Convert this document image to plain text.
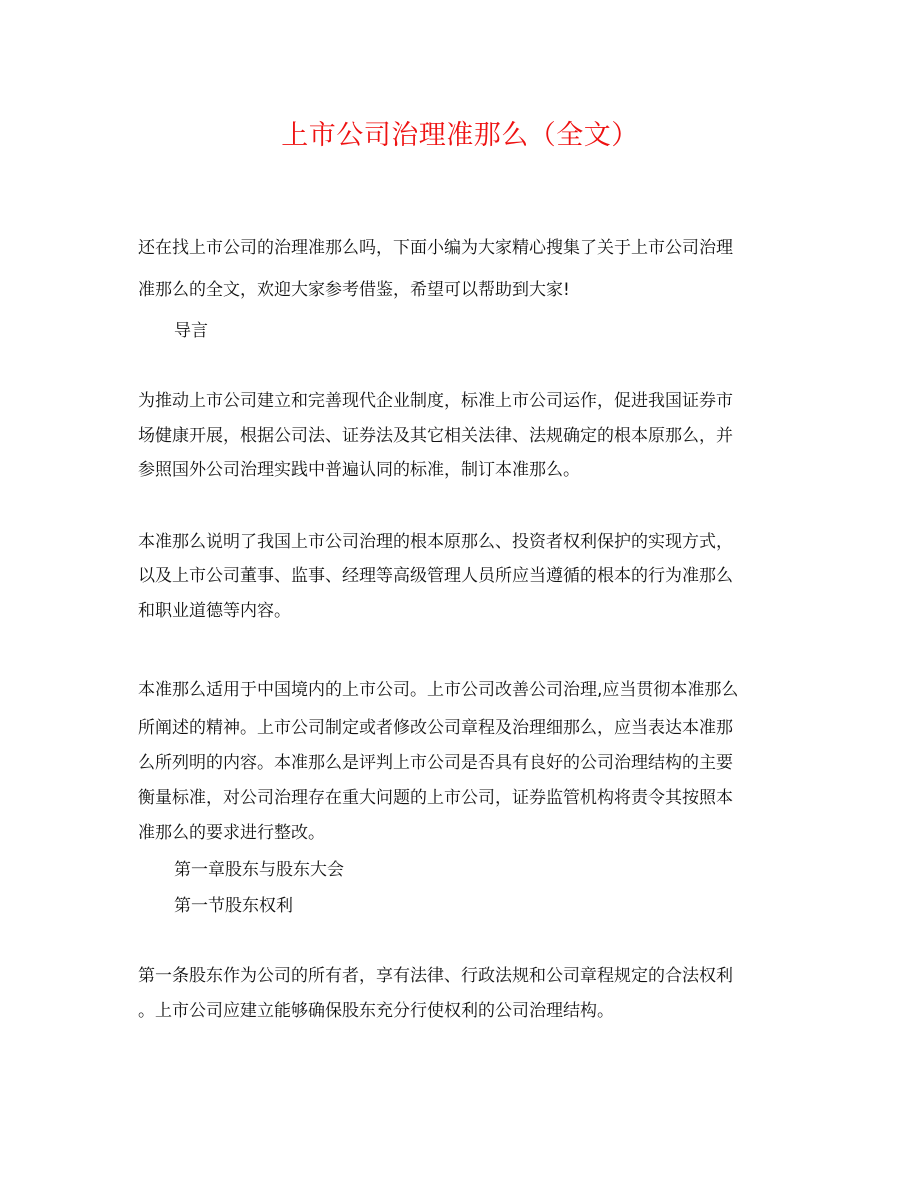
上市公司治理准那么（全文）

还在找上市公司的治理准那么吗，下面小编为大家精心搜集了关于上市公司治理

准那么的全文，欢迎大家参考借鉴，希望可以帮助到大家!

导言

为推动上市公司建立和完善现代企业制度，标准上市公司运作，促进我国证券市

场健康开展，根据公司法、证券法及其它相关法律、法规确定的根本原那么，并

参照国外公司治理实践中普遍认同的标准，制订本准那么。

本准那么说明了我国上市公司治理的根本原那么、投资者权利保护的实现方式，

以及上市公司董事、监事、经理等高级管理人员所应当遵循的根本的行为准那么

和职业道德等内容。

本准那么适用于中国境内的上市公司。上市公司改善公司治理,应当贯彻本准那么

所阐述的精神。上市公司制定或者修改公司章程及治理细那么，应当表达本准那

么所列明的内容。本准那么是评判上市公司是否具有良好的公司治理结构的主要

衡量标准，对公司治理存在重大问题的上市公司，证券监管机构将责令其按照本

准那么的要求进行整改。

第一章股东与股东大会

第一节股东权利

第一条股东作为公司的所有者，享有法律、行政法规和公司章程规定的合法权利

。上市公司应建立能够确保股东充分行使权利的公司治理结构。
